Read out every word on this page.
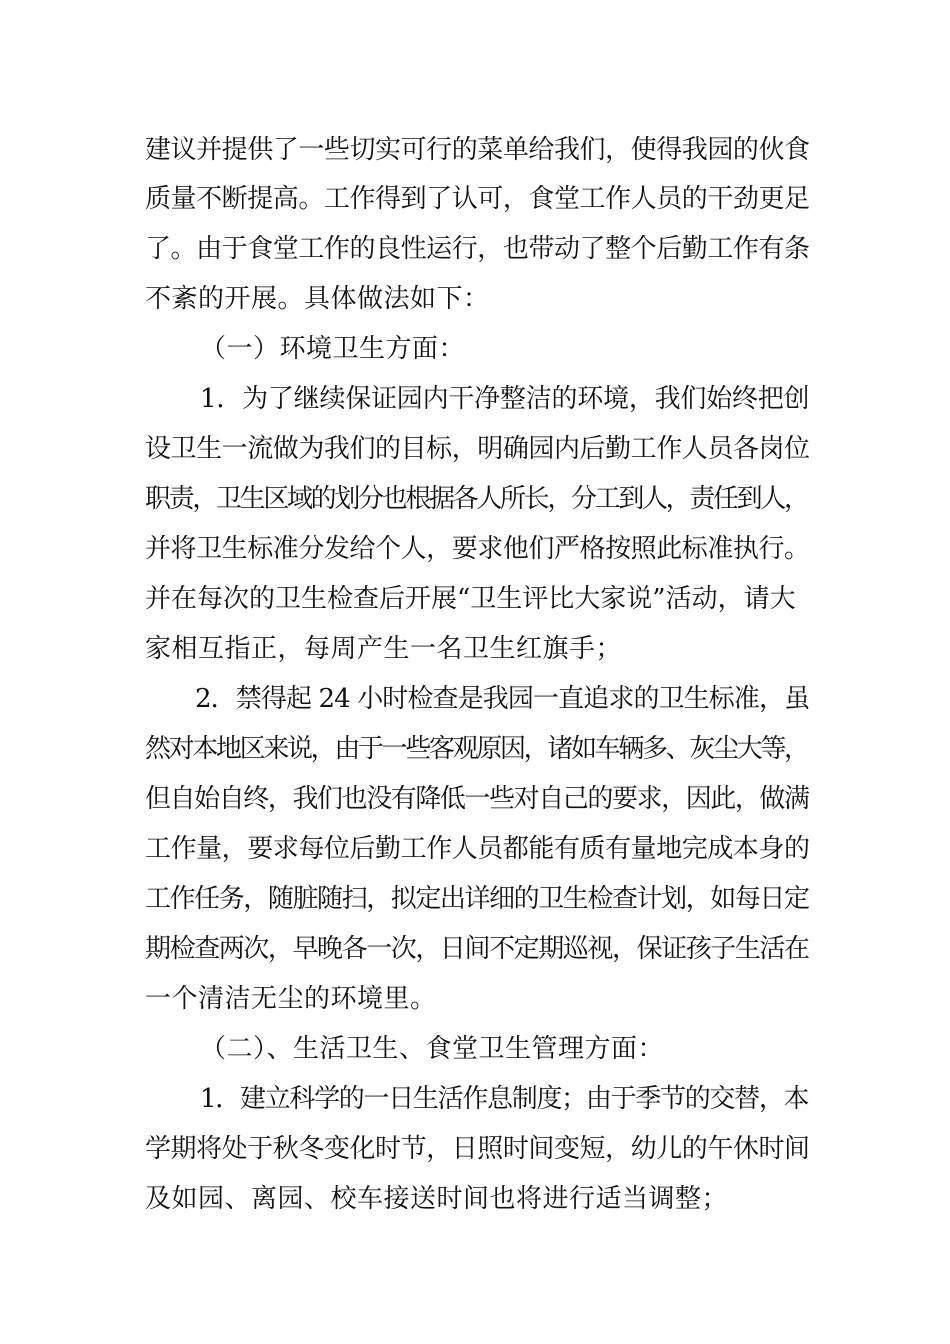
建议并提供了一些切实可行的菜单给我们，使得我园的伙食
质量不断提高。工作得到了认可，食堂工作人员的干劲更足
了。由于食堂工作的良性运行，也带动了整个后勤工作有条
不紊的开展。具体做法如下：
（一）环境卫生方面：
1．为了继续保证园内干净整洁的环境，我们始终把创
设卫生一流做为我们的目标，明确园内后勤工作人员各岗位
职责，卫生区域的划分也根据各人所长，分工到人，责任到人，
并将卫生标准分发给个人，要求他们严格按照此标准执行。
并在每次的卫生检查后开展“卫生评比大家说”活动，请大
家相互指正，每周产生一名卫生红旗手；
2．禁得起 24 小时检查是我园一直追求的卫生标准，虽
然对本地区来说，由于一些客观原因，诸如车辆多、灰尘大等，
但自始自终，我们也没有降低一些对自己的要求，因此，做满
工作量，要求每位后勤工作人员都能有质有量地完成本身的
工作任务，随脏随扫，拟定出详细的卫生检查计划，如每日定
期检查两次，早晚各一次，日间不定期巡视，保证孩子生活在
一个清洁无尘的环境里。
（二）、生活卫生、食堂卫生管理方面：
1．建立科学的一日生活作息制度；由于季节的交替，本
学期将处于秋冬变化时节，日照时间变短，幼儿的午休时间
及如园、离园、校车接送时间也将进行适当调整；
